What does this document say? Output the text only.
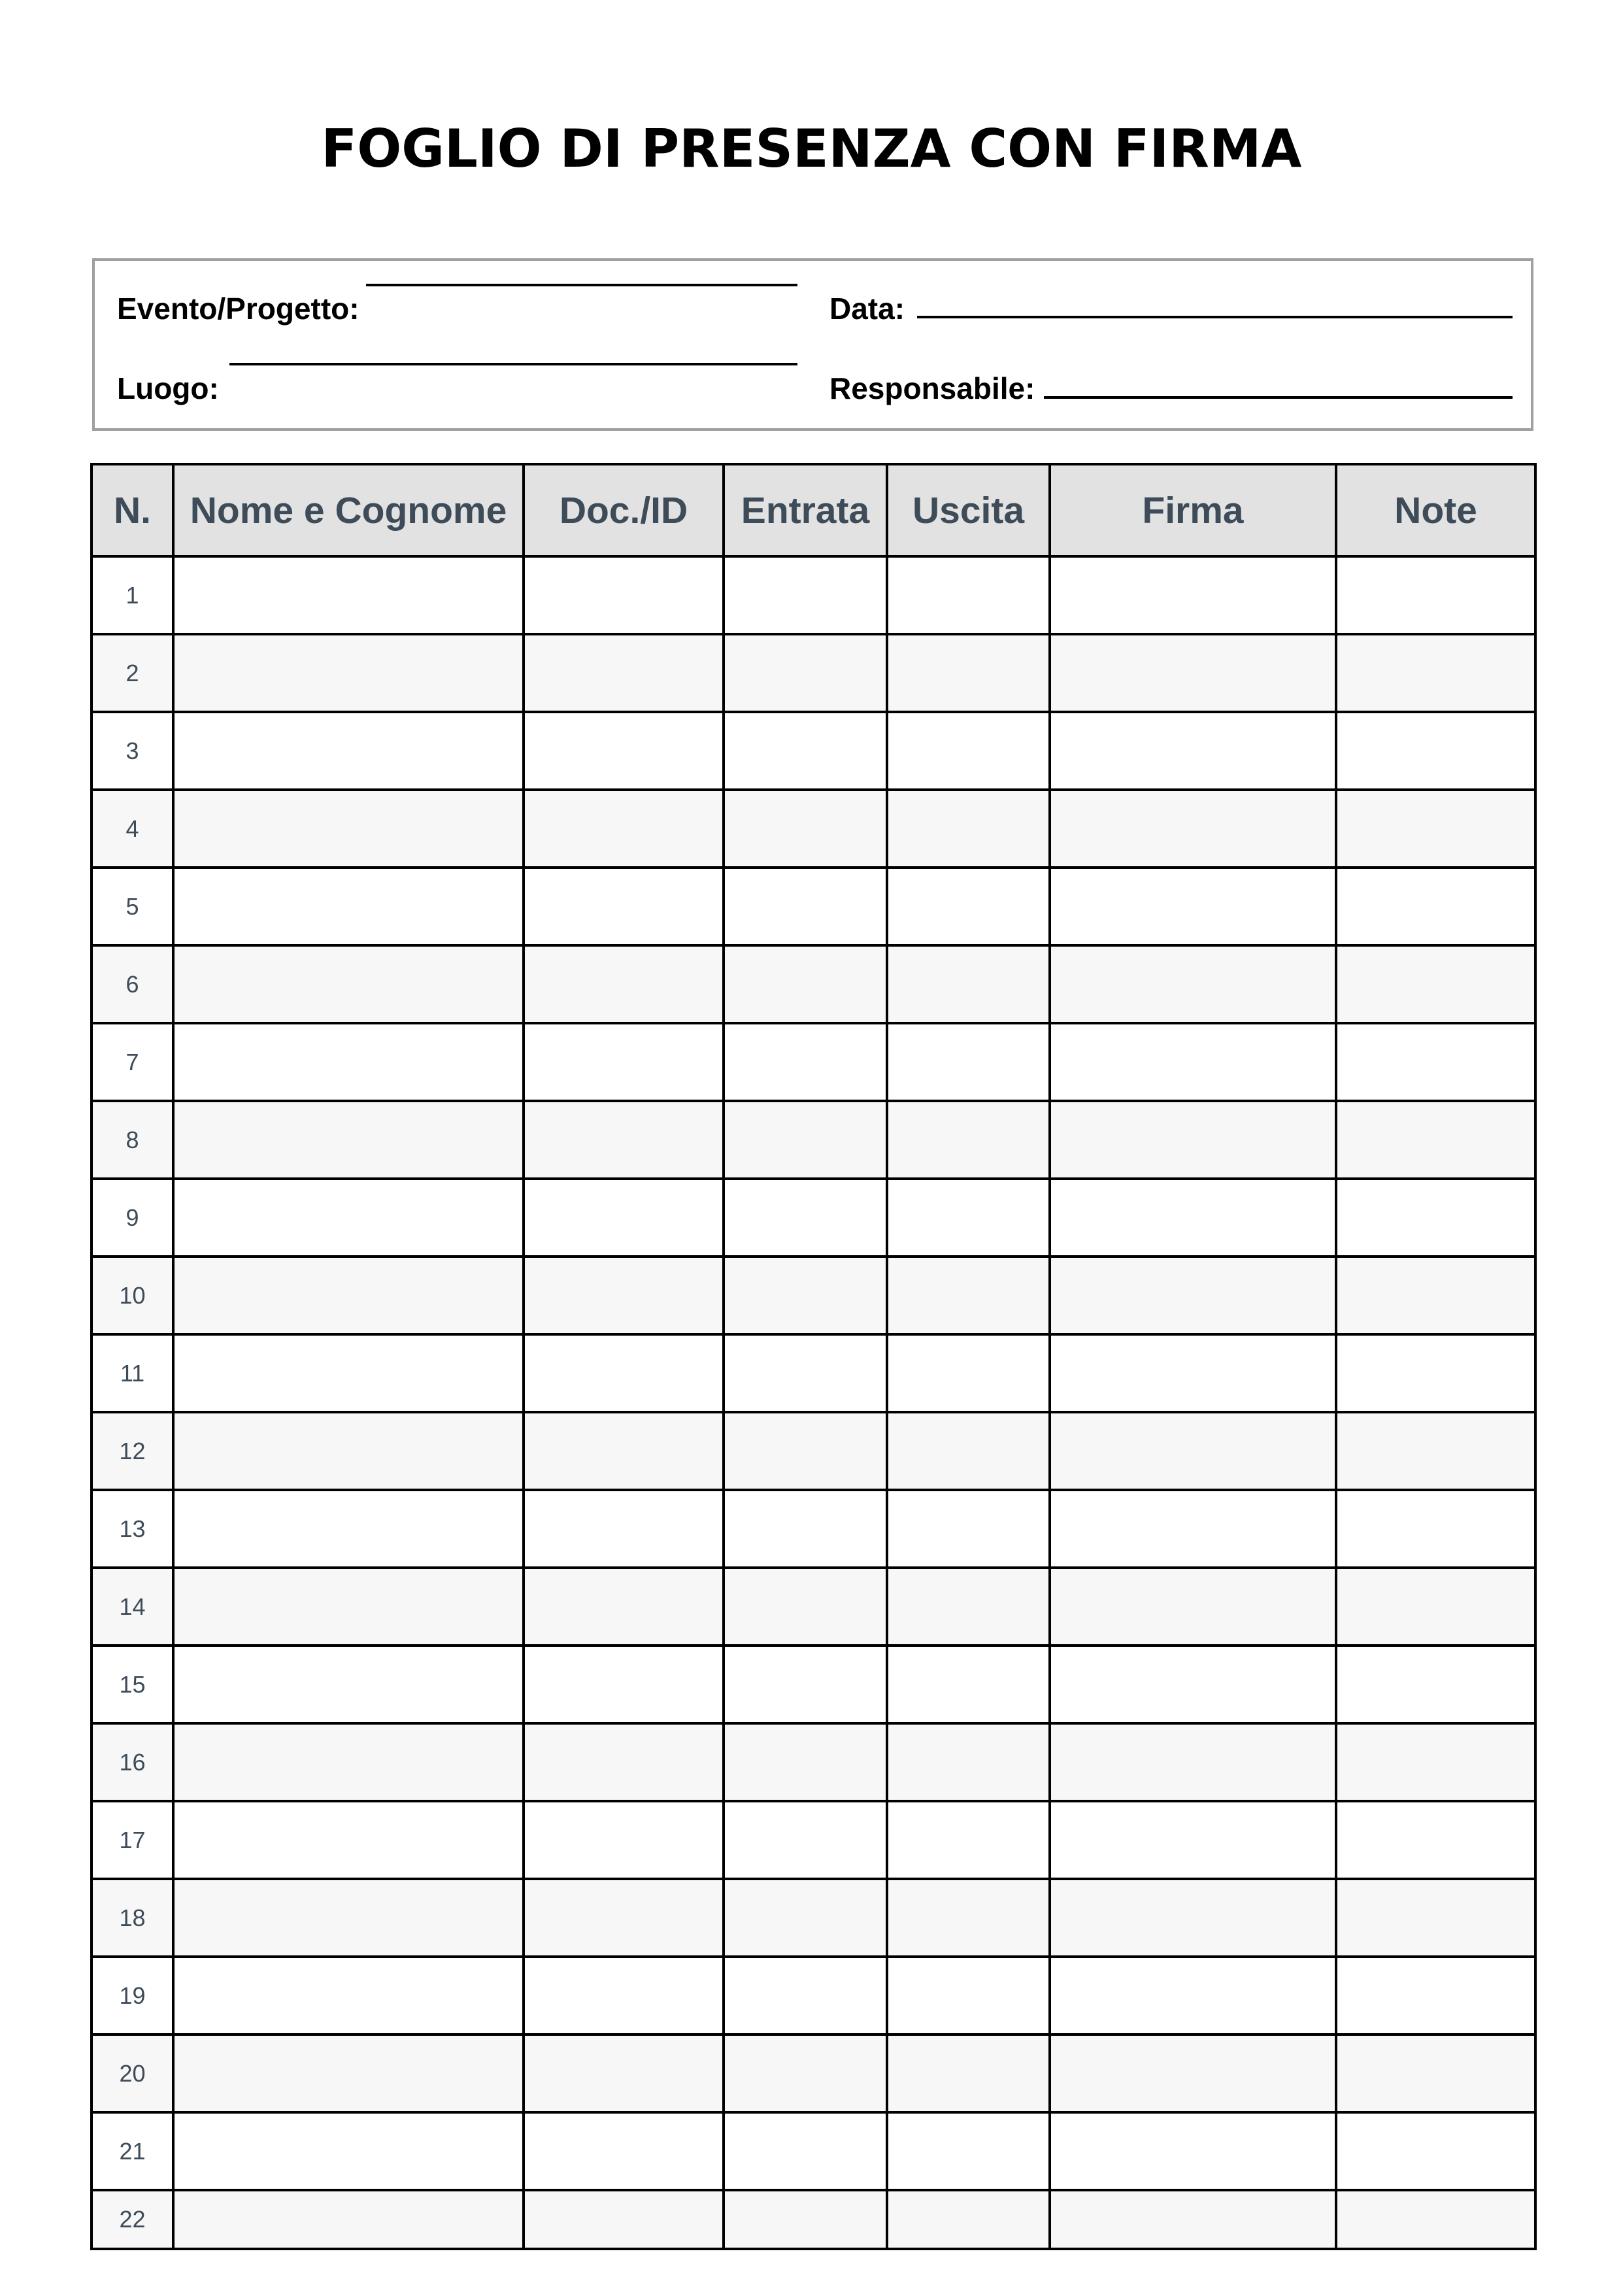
FOGLIO DI PRESENZA CON FIRMA
Evento/Progetto:	Data:
Luogo:	Responsabile:
N.	Nome e Cognome	Doc./ID	Entrata	Uscita	Firma	Note
1						
2						
3						
4						
5						
6						
7						
8						
9						
10						
11						
12						
13						
14						
15						
16						
17						
18						
19						
20						
21						
22						
